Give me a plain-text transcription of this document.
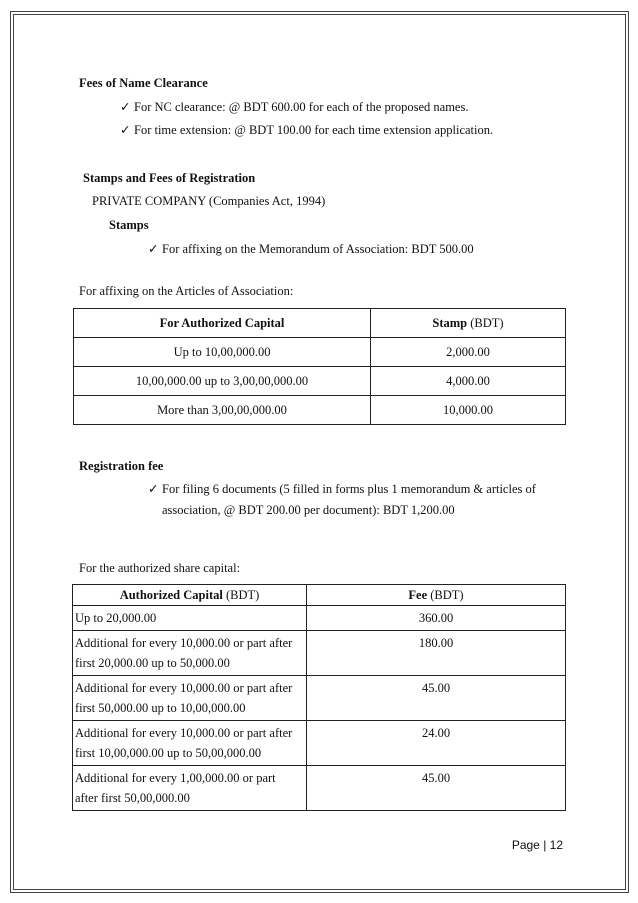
Fees of Name Clearance
✓ For NC clearance: @ BDT 600.00 for each of the proposed names.
✓ For time extension: @ BDT 100.00 for each time extension application.
Stamps and Fees of Registration
PRIVATE COMPANY (Companies Act, 1994)
Stamps
✓ For affixing on the Memorandum of Association: BDT 500.00
For affixing on the Articles of Association:
For Authorized Capital	Stamp (BDT)
Up to 10,00,000.00	2,000.00
10,00,000.00 up to 3,00,00,000.00	4,000.00
More than 3,00,00,000.00	10,000.00
Registration fee
✓ For filing 6 documents (5 filled in forms plus 1 memorandum & articles of
association, @ BDT 200.00 per document): BDT 1,200.00
For the authorized share capital:
Authorized Capital (BDT)	Fee (BDT)

Up to 20,000.00	360.00

Additional for every 10,000.00 or part after
first 20,000.00 up to 50,000.00	180.00

Additional for every 10,000.00 or part after
first 50,000.00 up to 10,00,000.00	45.00

Additional for every 10,000.00 or part after
first 10,00,000.00 up to 50,00,000.00	24.00

Additional for every 1,00,000.00 or part
after first 50,00,000.00	45.00
Page | 12
